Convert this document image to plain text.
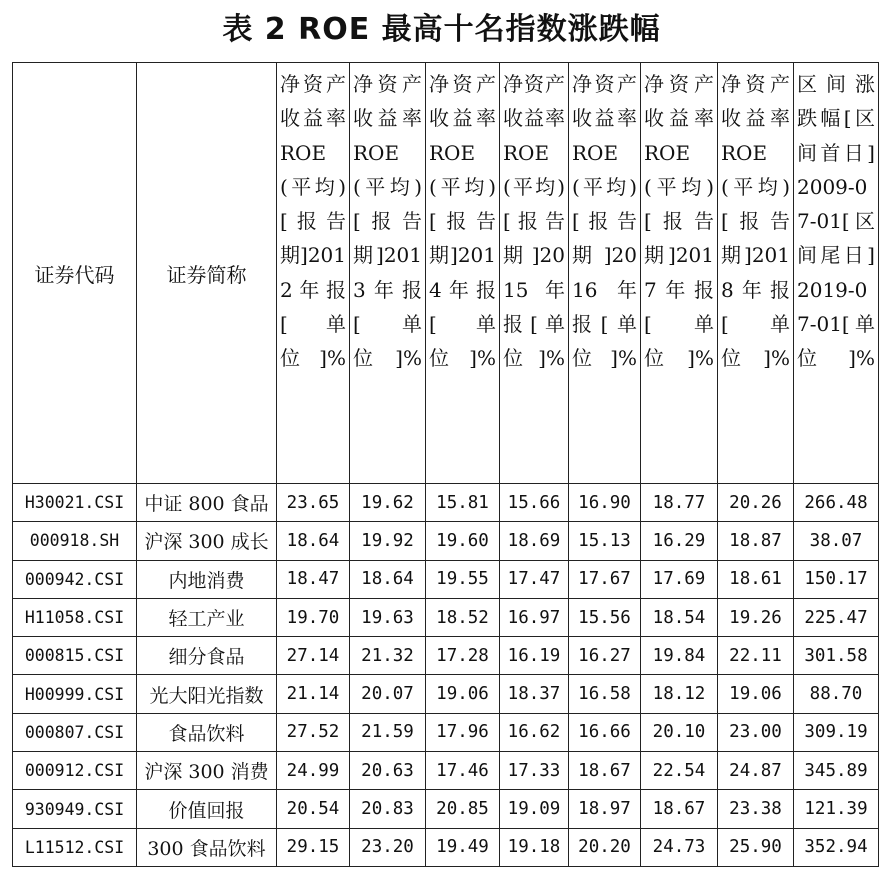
表 2 ROE 最高十名指数涨跌幅
证券代码	证券简称	净资产收益率ROE(平均)[报告期]2012年报[单位]%	净资产收益率ROE(平均)[报告期]2013年报[单位]%	净资产收益率ROE(平均)[报告期]2014年报[单位]%	净资产收益率ROE(平均)[报告期]2015年报[单位]%	净资产收益率ROE(平均)[报告期]2016年报[单位]%	净资产收益率ROE(平均)[报告期]2017年报[单位]%	净资产收益率ROE(平均)[报告期]2018年报[单位]%	区间涨跌幅[区间首日]2009-07-01[区间尾日]2019-07-01[单位]%
H30021.CSI	中证 800 食品	23.65	19.62	15.81	15.66	16.90	18.77	20.26	266.48
000918.SH	沪深 300 成长	18.64	19.92	19.60	18.69	15.13	16.29	18.87	38.07
000942.CSI	内地消费	18.47	18.64	19.55	17.47	17.67	17.69	18.61	150.17
H11058.CSI	轻工产业	19.70	19.63	18.52	16.97	15.56	18.54	19.26	225.47
000815.CSI	细分食品	27.14	21.32	17.28	16.19	16.27	19.84	22.11	301.58
H00999.CSI	光大阳光指数	21.14	20.07	19.06	18.37	16.58	18.12	19.06	88.70
000807.CSI	食品饮料	27.52	21.59	17.96	16.62	16.66	20.10	23.00	309.19
000912.CSI	沪深 300 消费	24.99	20.63	17.46	17.33	18.67	22.54	24.87	345.89
930949.CSI	价值回报	20.54	20.83	20.85	19.09	18.97	18.67	23.38	121.39
L11512.CSI	300 食品饮料	29.15	23.20	19.49	19.18	20.20	24.73	25.90	352.94
